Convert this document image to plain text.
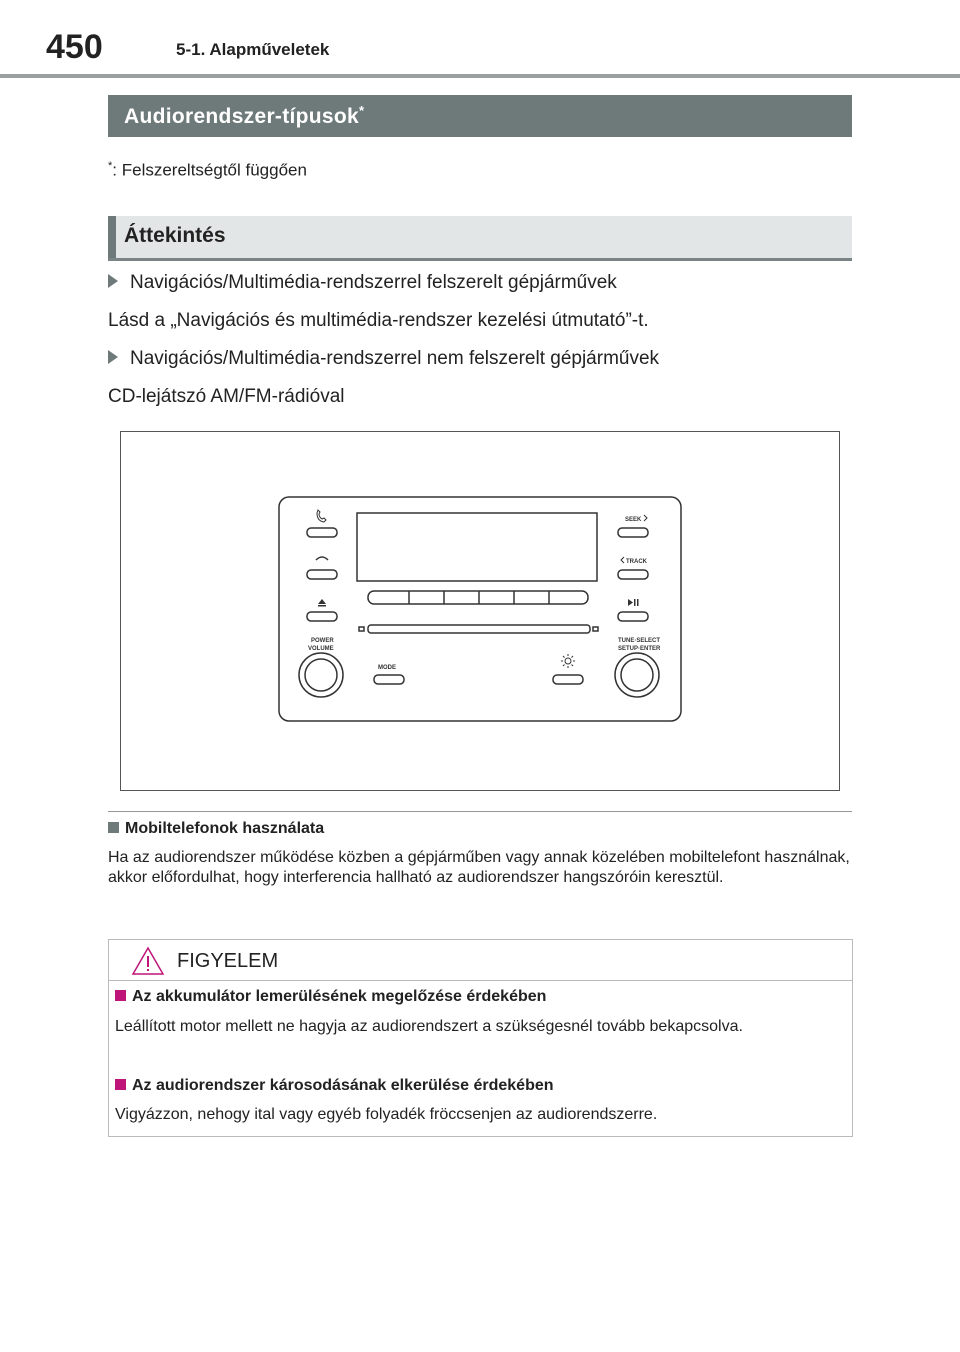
450	5-1. Alapműveletek
Audiorendszer-típusok*
*: Felszereltségtől függően
Áttekintés
Navigációs/Multimédia-rendszerrel felszerelt gépjárművek
Lásd a „Navigációs és multimédia-rendszer kezelési útmutató”-t.
Navigációs/Multimédia-rendszerrel nem felszerelt gépjárművek
CD-lejátszó AM/FM-rádióval
SEEK
TRACK
POWER
VOLUME
MODE
TUNE·SELECT
SETUP·ENTER
Mobiltelefonok használata
Ha az audiorendszer működése közben a gépjárműben vagy annak közelében mobiltelefont használnak, akkor előfordulhat, hogy interferencia hallható az audiorendszer hangszóróin keresztül.
FIGYELEM
Az akkumulátor lemerülésének megelőzése érdekében
Leállított motor mellett ne hagyja az audiorendszert a szükségesnél tovább bekapcsolva.
Az audiorendszer károsodásának elkerülése érdekében
Vigyázzon, nehogy ital vagy egyéb folyadék fröccsenjen az audiorendszerre.
